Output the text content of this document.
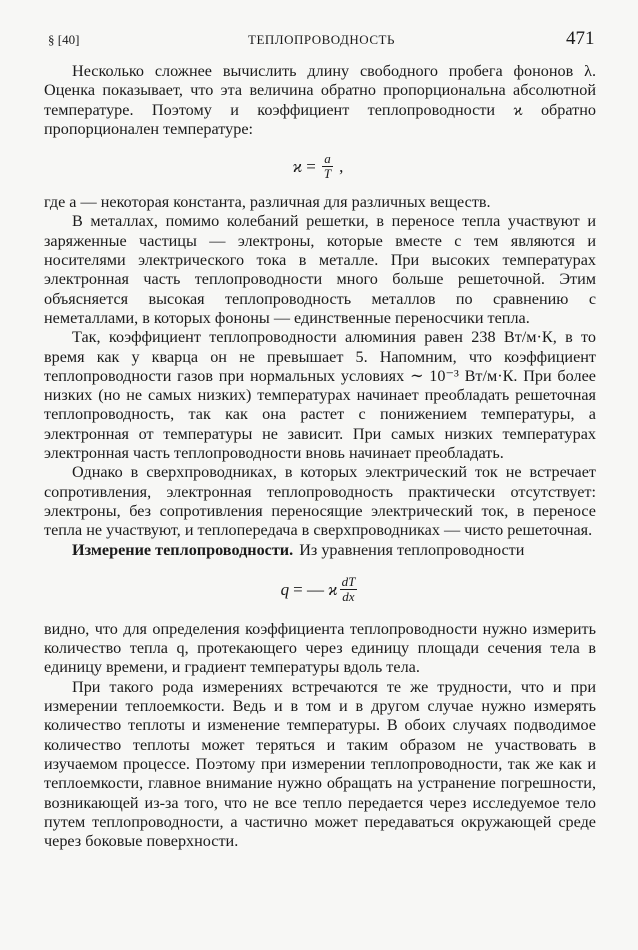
§ [40]	ТЕПЛОПРОВОДНОСТЬ	471

Несколько сложнее вычислить длину свободного пробега фононов λ. Оценка показывает, что эта величина обратно пропорциональна абсолютной температуре. Поэтому и коэффициент теплопроводности ϰ обратно пропорционален температуре:

$ϰ = \frac{a}{T}$ ,

где a — некоторая константа, различная для различных веществ.

В металлах, помимо колебаний решетки, в переносе тепла участвуют и заряженные частицы — электроны, которые вместе с тем являются и носителями электрического тока в металле. При высоких температурах электронная часть теплопроводности много больше решеточной. Этим объясняется высокая теплопроводность металлов по сравнению с неметаллами, в которых фононы — единственные переносчики тепла.

Так, коэффициент теплопроводности алюминия равен 238 Вт/м·К, в то время как у кварца он не превышает 5. Напомним, что коэффициент теплопроводности газов при нормальных условиях ∼ 10⁻³ Вт/м·К. При более низких (но не самых низких) температурах начинает преобладать решеточная теплопроводность, так как она растет с понижением температуры, а электронная от температуры не зависит. При самых низких температурах электронная часть теплопроводности вновь начинает преобладать.

Однако в сверхпроводниках, в которых электрический ток не встречает сопротивления, электронная теплопроводность практически отсутствует: электроны, без сопротивления переносящие электрический ток, в переносе тепла не участвуют, и теплопередача в сверхпроводниках — чисто решеточная.

Измерение теплопроводности. Из уравнения теплопроводности

q = — ϰ $\frac{dT}{dx}$

видно, что для определения коэффициента теплопроводности нужно измерить количество тепла q, протекающего через единицу площади сечения тела в единицу времени, и градиент температуры вдоль тела.

При такого рода измерениях встречаются те же трудности, что и при измерении теплоемкости. Ведь и в том и в другом случае нужно измерять количество теплоты и изменение температуры. В обоих случаях подводимое количество теплоты может теряться и таким образом не участвовать в изучаемом процессе. Поэтому при измерении теплопроводности, так же как и теплоемкости, главное внимание нужно обращать на устранение погрешности, возникающей из-за того, что не все тепло передается через исследуемое тело путем теплопроводности, а частично может передаваться окружающей среде через боковые поверхности.
